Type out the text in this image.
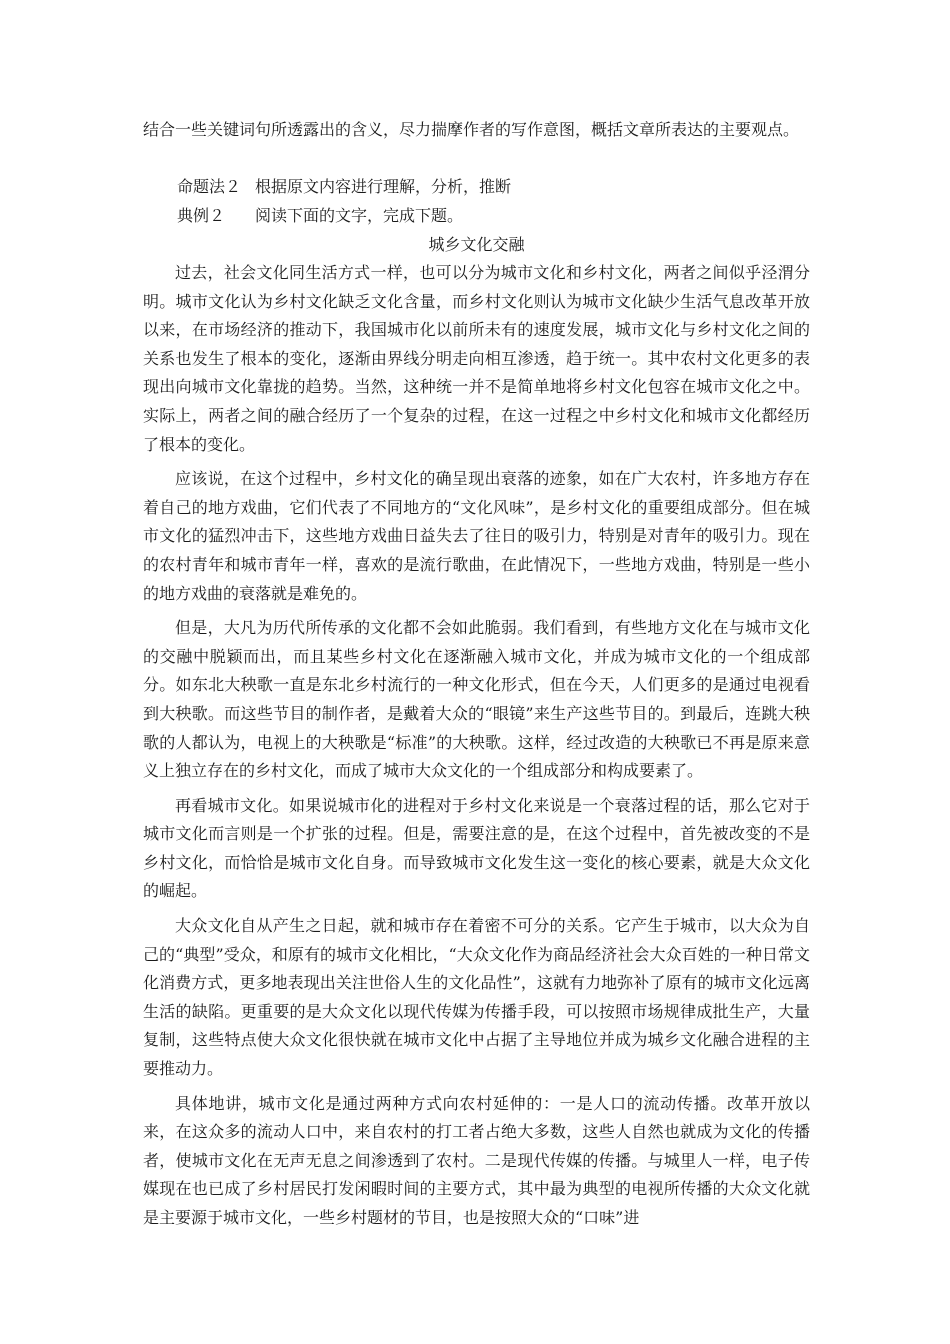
结合一些关键词句所透露出的含义，尽力揣摩作者的写作意图，概括文章所表达的主要观点。

命题法２ 根据原文内容进行理解，分析，推断

典例２ 阅读下面的文字，完成下题。

城乡文化交融

过去，社会文化同生活方式一样，也可以分为城市文化和乡村文化，两者之间似乎泾渭分明。城市文化认为乡村文化缺乏文化含量，而乡村文化则认为城市文化缺少生活气息改革开放以来，在市场经济的推动下，我国城市化以前所未有的速度发展，城市文化与乡村文化之间的关系也发生了根本的变化，逐渐由界线分明走向相互渗透，趋于统一。其中农村文化更多的表现出向城市文化靠拢的趋势。当然，这种统一并不是简单地将乡村文化包容在城市文化之中。实际上，两者之间的融合经历了一个复杂的过程，在这一过程之中乡村文化和城市文化都经历了根本的变化。

应该说，在这个过程中，乡村文化的确呈现出衰落的迹象，如在广大农村，许多地方存在着自己的地方戏曲，它们代表了不同地方的“文化风味”，是乡村文化的重要组成部分。但在城市文化的猛烈冲击下，这些地方戏曲日益失去了往日的吸引力，特别是对青年的吸引力。现在的农村青年和城市青年一样，喜欢的是流行歌曲，在此情况下，一些地方戏曲，特别是一些小的地方戏曲的衰落就是难免的。

但是，大凡为历代所传承的文化都不会如此脆弱。我们看到，有些地方文化在与城市文化的交融中脱颖而出，而且某些乡村文化在逐渐融入城市文化，并成为城市文化的一个组成部分。如东北大秧歌一直是东北乡村流行的一种文化形式，但在今天，人们更多的是通过电视看到大秧歌。而这些节目的制作者，是戴着大众的“眼镜”来生产这些节目的。到最后，连跳大秧歌的人都认为，电视上的大秧歌是“标准”的大秧歌。这样，经过改造的大秧歌已不再是原来意义上独立存在的乡村文化，而成了城市大众文化的一个组成部分和构成要素了。

再看城市文化。如果说城市化的进程对于乡村文化来说是一个衰落过程的话，那么它对于城市文化而言则是一个扩张的过程。但是，需要注意的是，在这个过程中，首先被改变的不是乡村文化，而恰恰是城市文化自身。而导致城市文化发生这一变化的核心要素，就是大众文化的崛起。

大众文化自从产生之日起，就和城市存在着密不可分的关系。它产生于城市，以大众为自己的“典型”受众，和原有的城市文化相比，“大众文化作为商品经济社会大众百姓的一种日常文化消费方式，更多地表现出关注世俗人生的文化品性”，这就有力地弥补了原有的城市文化远离生活的缺陷。更重要的是大众文化以现代传媒为传播手段，可以按照市场规律成批生产，大量复制，这些特点使大众文化很快就在城市文化中占据了主导地位并成为城乡文化融合进程的主要推动力。

具体地讲，城市文化是通过两种方式向农村延伸的：一是人口的流动传播。改革开放以来，在这众多的流动人口中，来自农村的打工者占绝大多数，这些人自然也就成为文化的传播者，使城市文化在无声无息之间渗透到了农村。二是现代传媒的传播。与城里人一样，电子传媒现在也已成了乡村居民打发闲暇时间的主要方式，其中最为典型的电视所传播的大众文化就是主要源于城市文化，一些乡村题材的节目，也是按照大众的“口味”进
